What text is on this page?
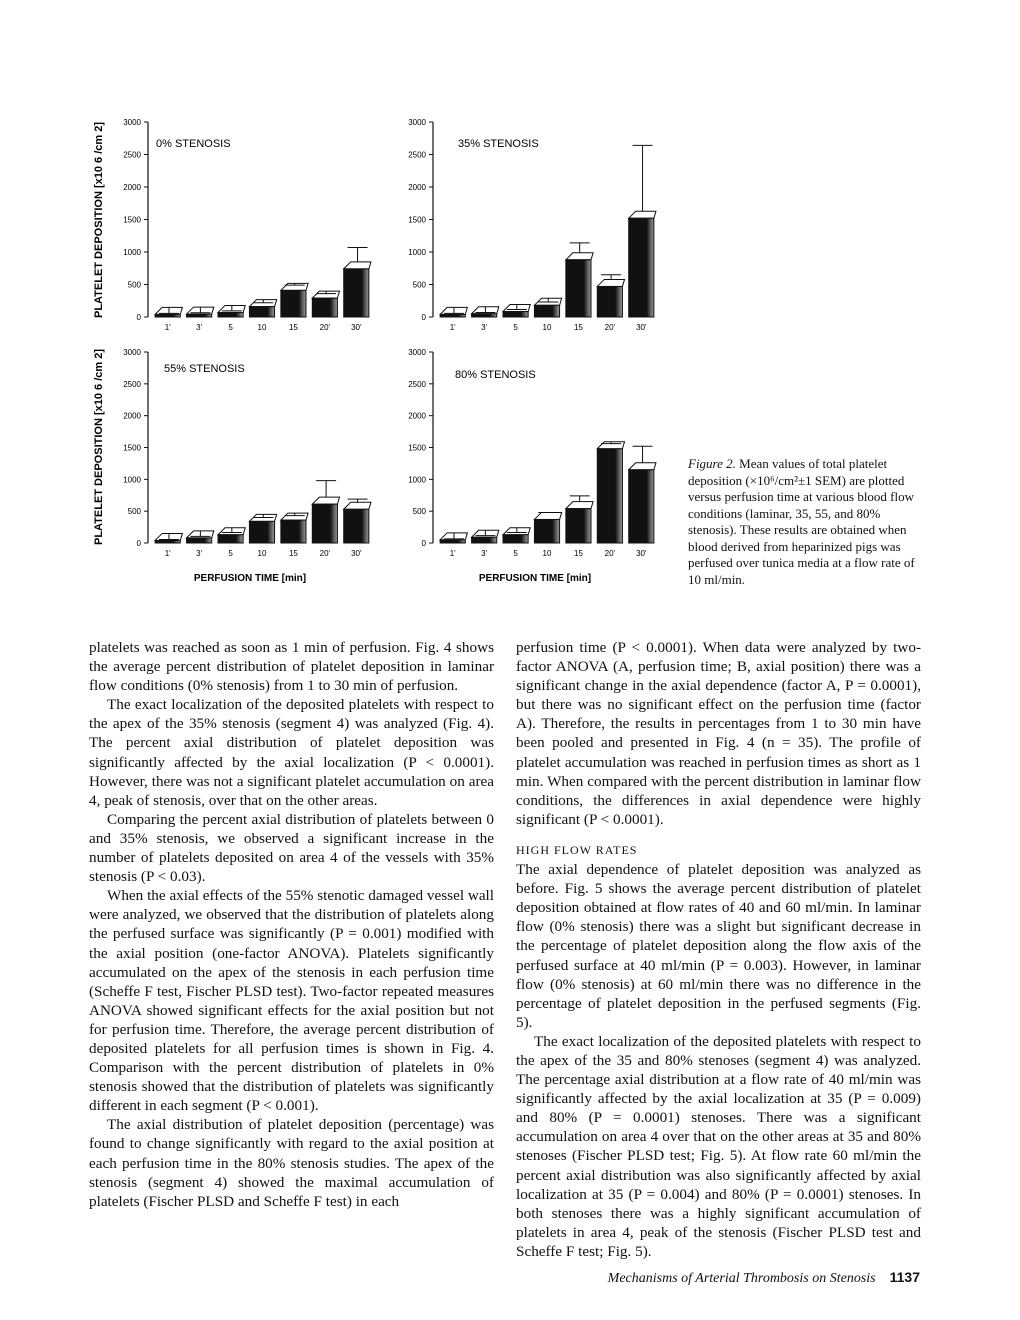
0
500
1000
1500
2000
2500
3000
0% STENOSIS
1'	3'	5	10	15	20'	30'
PLATELET DEPOSITION [x10 6 /cm 2]	0
500
1000
1500
2000
2500
3000
35% STENOSIS
1'	3'	5	10	15	20'	30'
0
500
1000
1500
2000
2500
3000
55% STENOSIS
1'	3'	5	10	15	20'	30'
PERFUSION TIME [min]
PLATELET DEPOSITION [x10 6 /cm 2]	0
500
1000
1500
2000
2500
3000
80% STENOSIS
1'	3'	5	10	15	20'	30'
PERFUSION TIME [min]
Figure 2. Mean values of total platelet deposition (×10⁶/cm²±1 SEM) are plotted versus perfusion time at various blood flow conditions (laminar, 35, 55, and 80% stenosis). These results are obtained when blood derived from heparinized pigs was perfused over tunica media at a flow rate of 10 ml/min.

platelets was reached as soon as 1 min of perfusion. Fig. 4 shows the average percent distribution of platelet deposition in laminar flow conditions (0% stenosis) from 1 to 30 min of perfusion.

The exact localization of the deposited platelets with respect to the apex of the 35% stenosis (segment 4) was analyzed (Fig. 4). The percent axial distribution of platelet deposition was significantly affected by the axial localization (P < 0.0001). However, there was not a significant platelet accumulation on area 4, peak of stenosis, over that on the other areas.

Comparing the percent axial distribution of platelets between 0 and 35% stenosis, we observed a significant increase in the number of platelets deposited on area 4 of the vessels with 35% stenosis (P < 0.03).

When the axial effects of the 55% stenotic damaged vessel wall were analyzed, we observed that the distribution of platelets along the perfused surface was significantly (P = 0.001) modified with the axial position (one-factor ANOVA). Platelets significantly accumulated on the apex of the stenosis in each perfusion time (Scheffe F test, Fischer PLSD test). Two-factor repeated measures ANOVA showed significant effects for the axial position but not for perfusion time. Therefore, the average percent distribution of deposited platelets for all perfusion times is shown in Fig. 4. Comparison with the percent distribution of platelets in 0% stenosis showed that the distribution of platelets was significantly different in each segment (P < 0.001).

The axial distribution of platelet deposition (percentage) was found to change significantly with regard to the axial position at each perfusion time in the 80% stenosis studies. The apex of the stenosis (segment 4) showed the maximal accumulation of platelets (Fischer PLSD and Scheffe F test) in each

perfusion time (P < 0.0001). When data were analyzed by two-factor ANOVA (A, perfusion time; B, axial position) there was a significant change in the axial dependence (factor A, P = 0.0001), but there was no significant effect on the perfusion time (factor A). Therefore, the results in percentages from 1 to 30 min have been pooled and presented in Fig. 4 (n = 35). The profile of platelet accumulation was reached in perfusion times as short as 1 min. When compared with the percent distribution in laminar flow conditions, the differences in axial dependence were highly significant (P < 0.0001).

HIGH FLOW RATES

The axial dependence of platelet deposition was analyzed as before. Fig. 5 shows the average percent distribution of platelet deposition obtained at flow rates of 40 and 60 ml/min. In laminar flow (0% stenosis) there was a slight but significant decrease in the percentage of platelet deposition along the flow axis of the perfused surface at 40 ml/min (P = 0.003). However, in laminar flow (0% stenosis) at 60 ml/min there was no difference in the percentage of platelet deposition in the perfused segments (Fig. 5).

The exact localization of the deposited platelets with respect to the apex of the 35 and 80% stenoses (segment 4) was analyzed. The percentage axial distribution at a flow rate of 40 ml/min was significantly affected by the axial localization at 35 (P = 0.009) and 80% (P = 0.0001) stenoses. There was a significant accumulation on area 4 over that on the other areas at 35 and 80% stenoses (Fischer PLSD test; Fig. 5). At flow rate 60 ml/min the percent axial distribution was also significantly affected by axial localization at 35 (P = 0.004) and 80% (P = 0.0001) stenoses. In both stenoses there was a highly significant accumulation of platelets in area 4, peak of the stenosis (Fischer PLSD test and Scheffe F test; Fig. 5).

Mechanisms of Arterial Thrombosis on Stenosis 1137
